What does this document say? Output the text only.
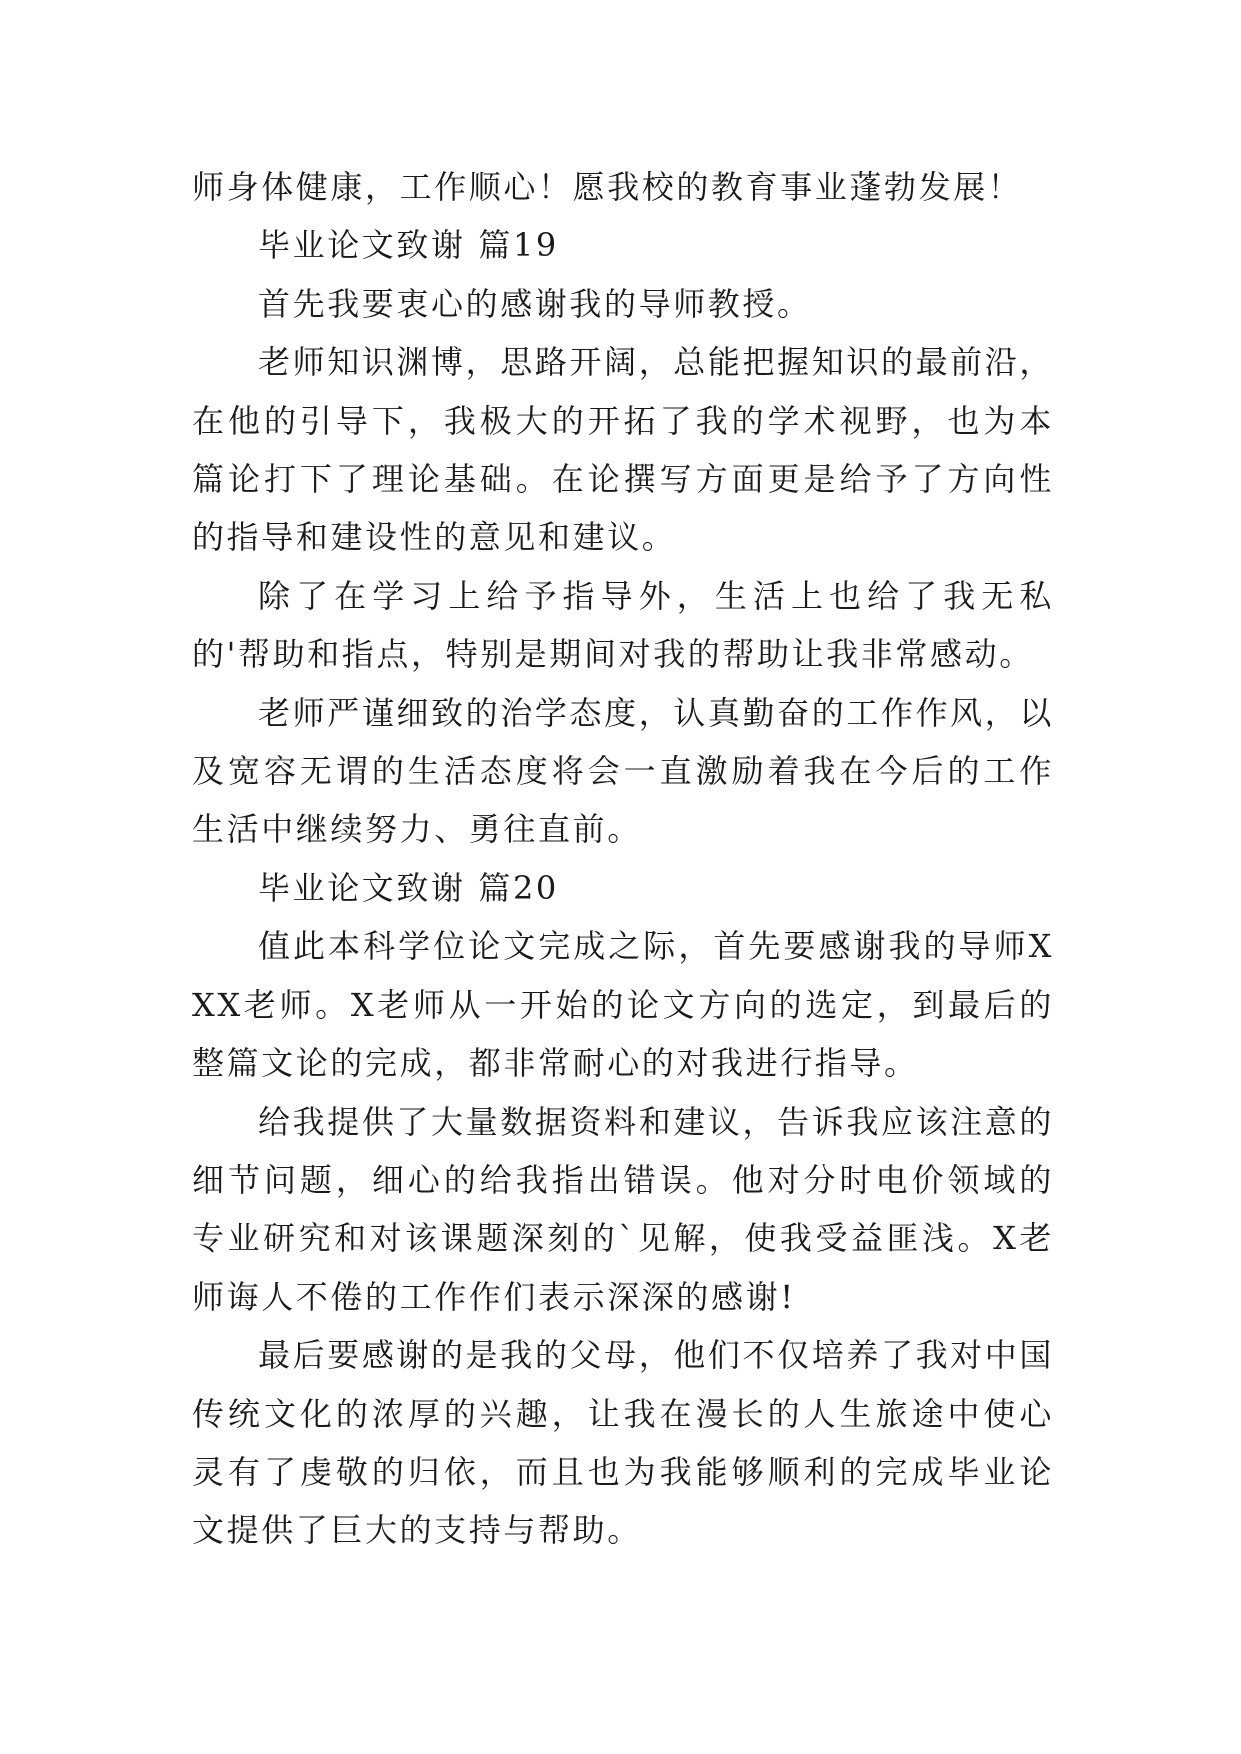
师身体健康，工作顺心！愿我校的教育事业蓬勃发展！

毕业论文致谢 篇19

首先我要衷心的感谢我的导师教授。

老师知识渊博，思路开阔，总能把握知识的最前沿，在他的引导下，我极大的开拓了我的学术视野，也为本篇论打下了理论基础。在论撰写方面更是给予了方向性的指导和建设性的意见和建议。

除了在学习上给予指导外，生活上也给了我无私的'帮助和指点，特别是期间对我的帮助让我非常感动。

老师严谨细致的治学态度，认真勤奋的工作作风，以及宽容无谓的生活态度将会一直激励着我在今后的工作生活中继续努力、勇往直前。

毕业论文致谢 篇20

值此本科学位论文完成之际，首先要感谢我的导师XXX老师。X老师从一开始的论文方向的选定，到最后的整篇文论的完成，都非常耐心的对我进行指导。

给我提供了大量数据资料和建议，告诉我应该注意的细节问题，细心的给我指出错误。他对分时电价领域的专业研究和对该课题深刻的`见解，使我受益匪浅。X老师诲人不倦的工作作们表示深深的感谢!

最后要感谢的是我的父母，他们不仅培养了我对中国传统文化的浓厚的兴趣，让我在漫长的人生旅途中使心灵有了虔敬的归依，而且也为我能够顺利的完成毕业论文提供了巨大的支持与帮助。
